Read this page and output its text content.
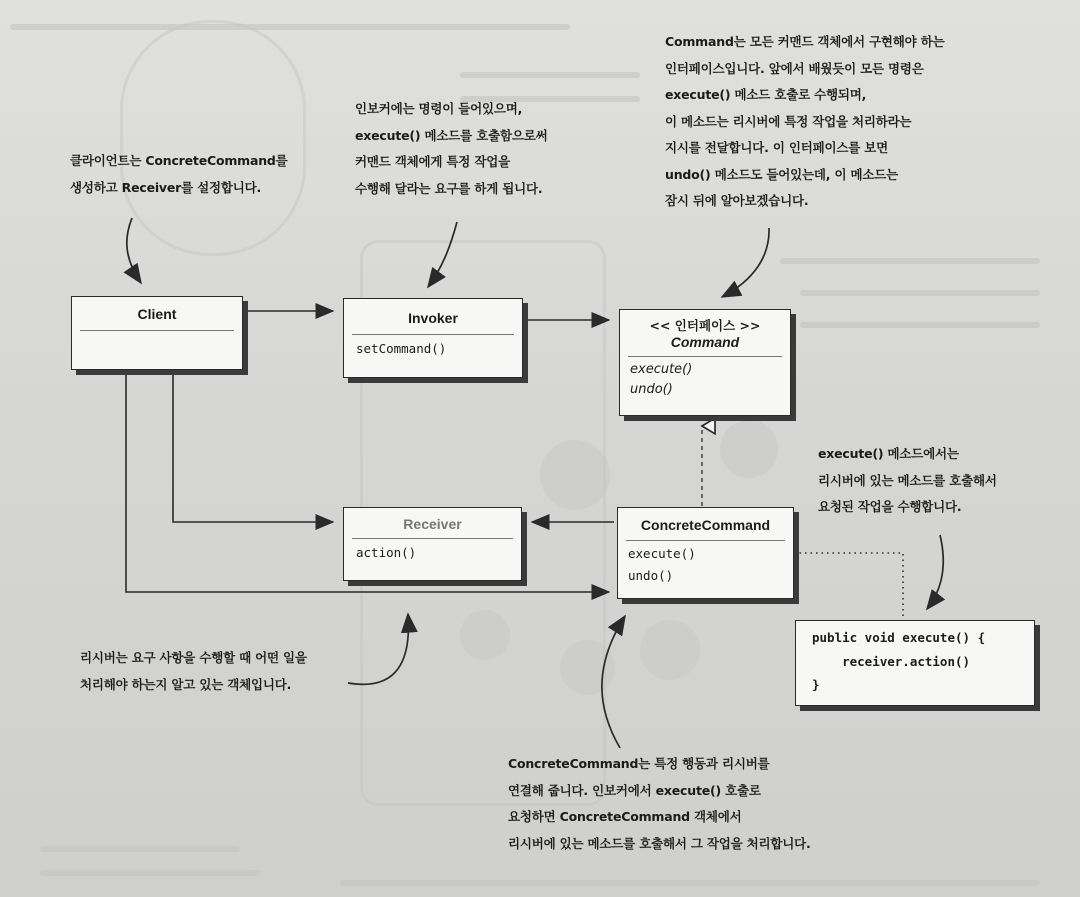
Client	Invoker
setCommand()
<< 인터페이스 >>
Command
execute()
undo()
Receiver
action()
ConcreteCommand
execute()
undo()
public void execute() {
receiver.action()
}
클라이언트는 ConcreteCommand를
생성하고 Receiver를 설정합니다.
인보커에는 명령이 들어있으며,
execute() 메소드를 호출함으로써
커맨드 객체에게 특정 작업을
수행해 달라는 요구를 하게 됩니다.
Command는 모든 커맨드 객체에서 구현해야 하는
인터페이스입니다. 앞에서 배웠듯이 모든 명령은
execute() 메소드 호출로 수행되며,
이 메소드는 리시버에 특정 작업을 처리하라는
지시를 전달합니다. 이 인터페이스를 보면
undo() 메소드도 들어있는데, 이 메소드는
잠시 뒤에 알아보겠습니다.
execute() 메소드에서는
리시버에 있는 메소드를 호출해서
요청된 작업을 수행합니다.
리시버는 요구 사항을 수행할 때 어떤 일을
처리해야 하는지 알고 있는 객체입니다.
ConcreteCommand는 특정 행동과 리시버를
연결해 줍니다. 인보커에서 execute() 호출로
요청하면 ConcreteCommand 객체에서
리시버에 있는 메소드를 호출해서 그 작업을 처리합니다.
